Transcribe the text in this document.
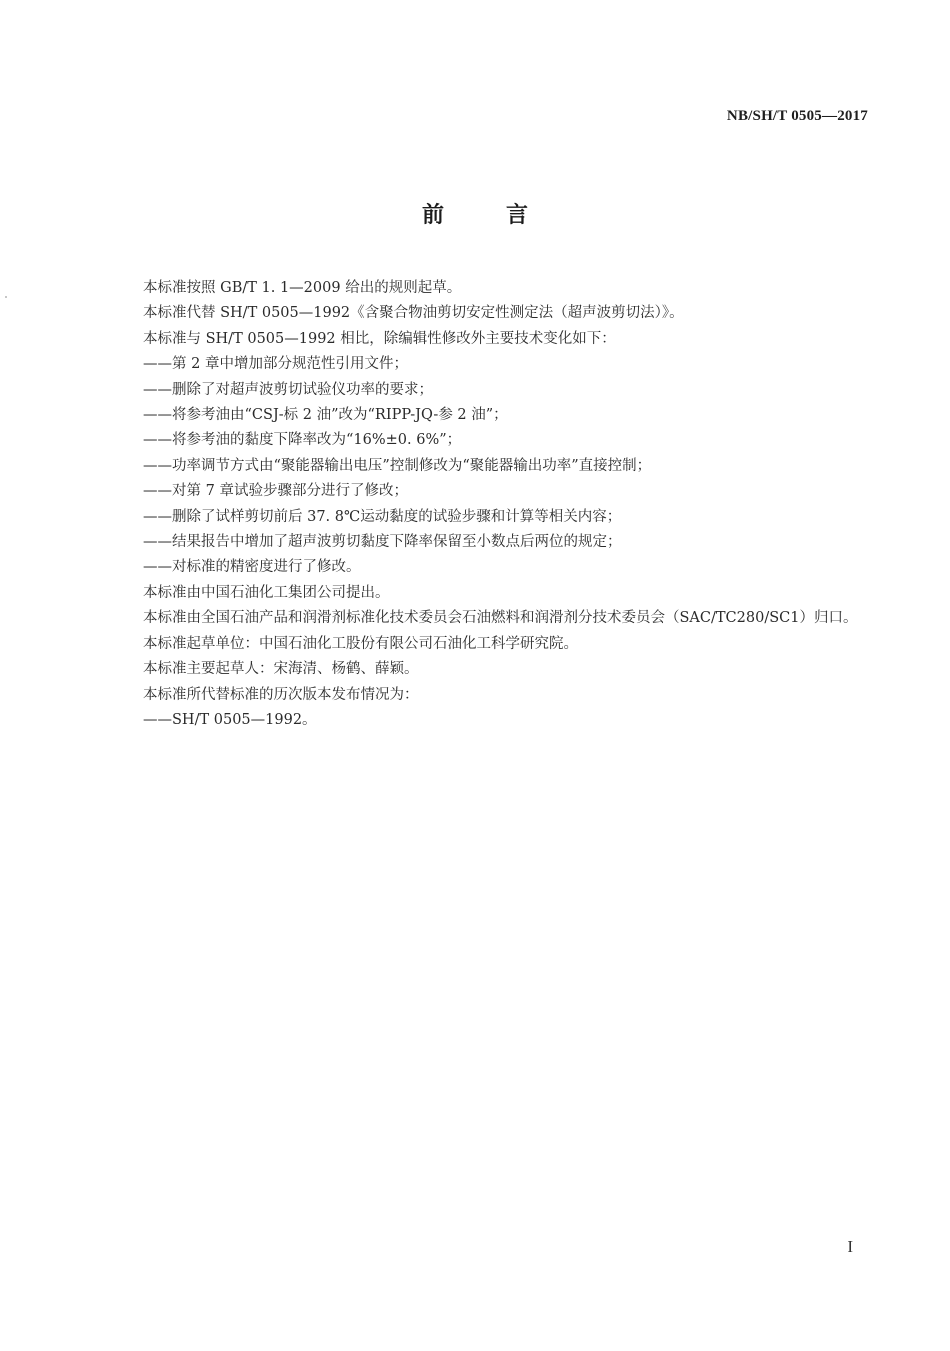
NB/SH/T 0505—2017
前言

本标准按照 GB/T 1. 1—2009 给出的规则起草。

本标准代替 SH/T 0505—1992《含聚合物油剪切安定性测定法（超声波剪切法）》。

本标准与 SH/T 0505—1992 相比，除编辑性修改外主要技术变化如下：

——第 2 章中增加部分规范性引用文件；

——删除了对超声波剪切试验仪功率的要求；

——将参考油由“CSJ-标 2 油”改为“RIPP-JQ-参 2 油”；

——将参考油的黏度下降率改为“16%±0. 6%”；

——功率调节方式由“聚能器输出电压”控制修改为“聚能器输出功率”直接控制；

——对第 7 章试验步骤部分进行了修改；

——删除了试样剪切前后 37. 8℃运动黏度的试验步骤和计算等相关内容；

——结果报告中增加了超声波剪切黏度下降率保留至小数点后两位的规定；

——对标准的精密度进行了修改。

本标准由中国石油化工集团公司提出。

本标准由全国石油产品和润滑剂标准化技术委员会石油燃料和润滑剂分技术委员会（SAC/TC280/SC1）归口。

本标准起草单位：中国石油化工股份有限公司石油化工科学研究院。

本标准主要起草人：宋海清、杨鹤、薛颖。

本标准所代替标准的历次版本发布情况为：

——SH/T 0505—1992。

I
